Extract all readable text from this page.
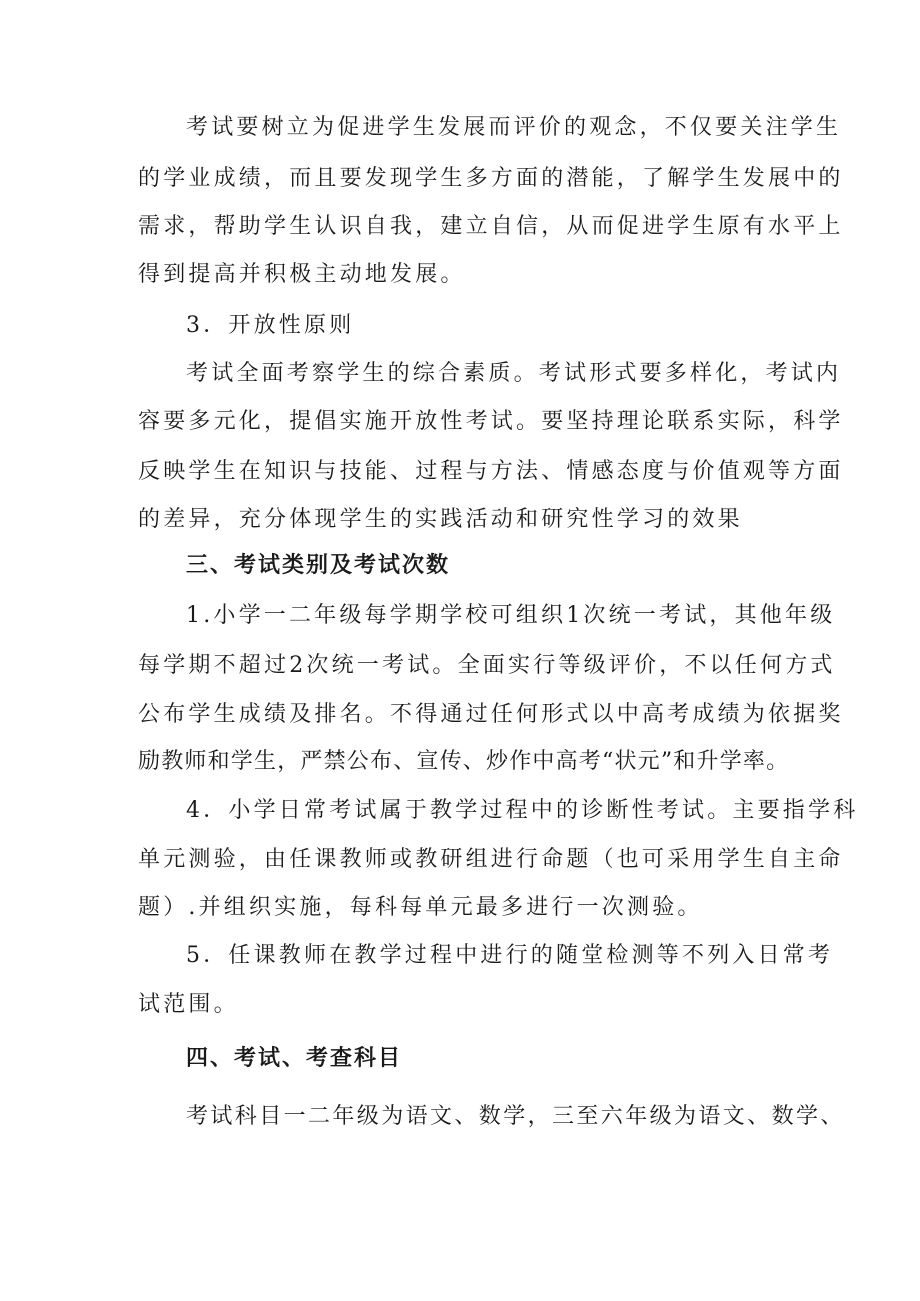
考试要树立为促进学生发展而评价的观念，不仅要关注学生
的学业成绩，而且要发现学生多方面的潜能，了解学生发展中的
需求，帮助学生认识自我，建立自信，从而促进学生原有水平上
得到提高并积极主动地发展。
3．开放性原则
考试全面考察学生的综合素质。考试形式要多样化，考试内
容要多元化，提倡实施开放性考试。要坚持理论联系实际，科学
反映学生在知识与技能、过程与方法、情感态度与价值观等方面
的差异，充分体现学生的实践活动和研究性学习的效果
三、考试类别及考试次数
1.小学一二年级每学期学校可组织1次统一考试，其他年级
每学期不超过2次统一考试。全面实行等级评价，不以任何方式
公布学生成绩及排名。不得通过任何形式以中高考成绩为依据奖
励教师和学生，严禁公布、宣传、炒作中高考“状元”和升学率。
4．小学日常考试属于教学过程中的诊断性考试。主要指学科
单元测验，由任课教师或教研组进行命题（也可采用学生自主命
题）.并组织实施，每科每单元最多进行一次测验。
5．任课教师在教学过程中进行的随堂检测等不列入日常考
试范围。
四、考试、考查科目
考试科目一二年级为语文、数学，三至六年级为语文、数学、
